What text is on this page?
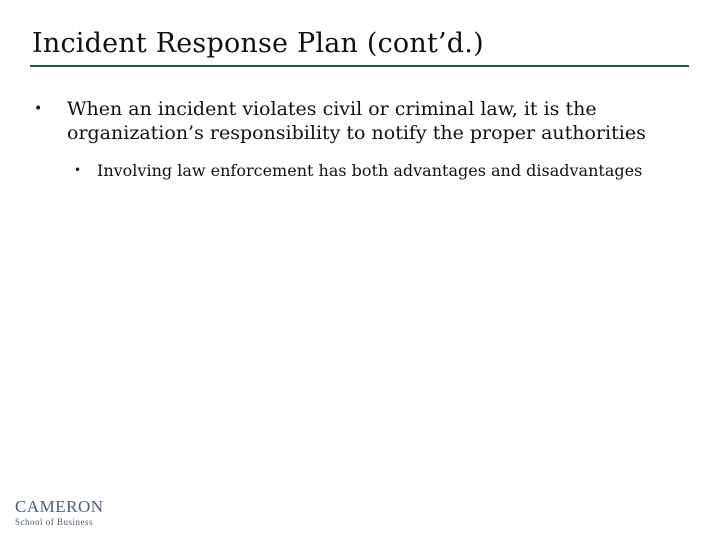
Incident Response Plan (cont’d.)
• When an incident violates civil or criminal law, it is the organization’s responsibility to notify the proper authorities
• Involving law enforcement has both advantages and disadvantages
CAMERON
School of Business
